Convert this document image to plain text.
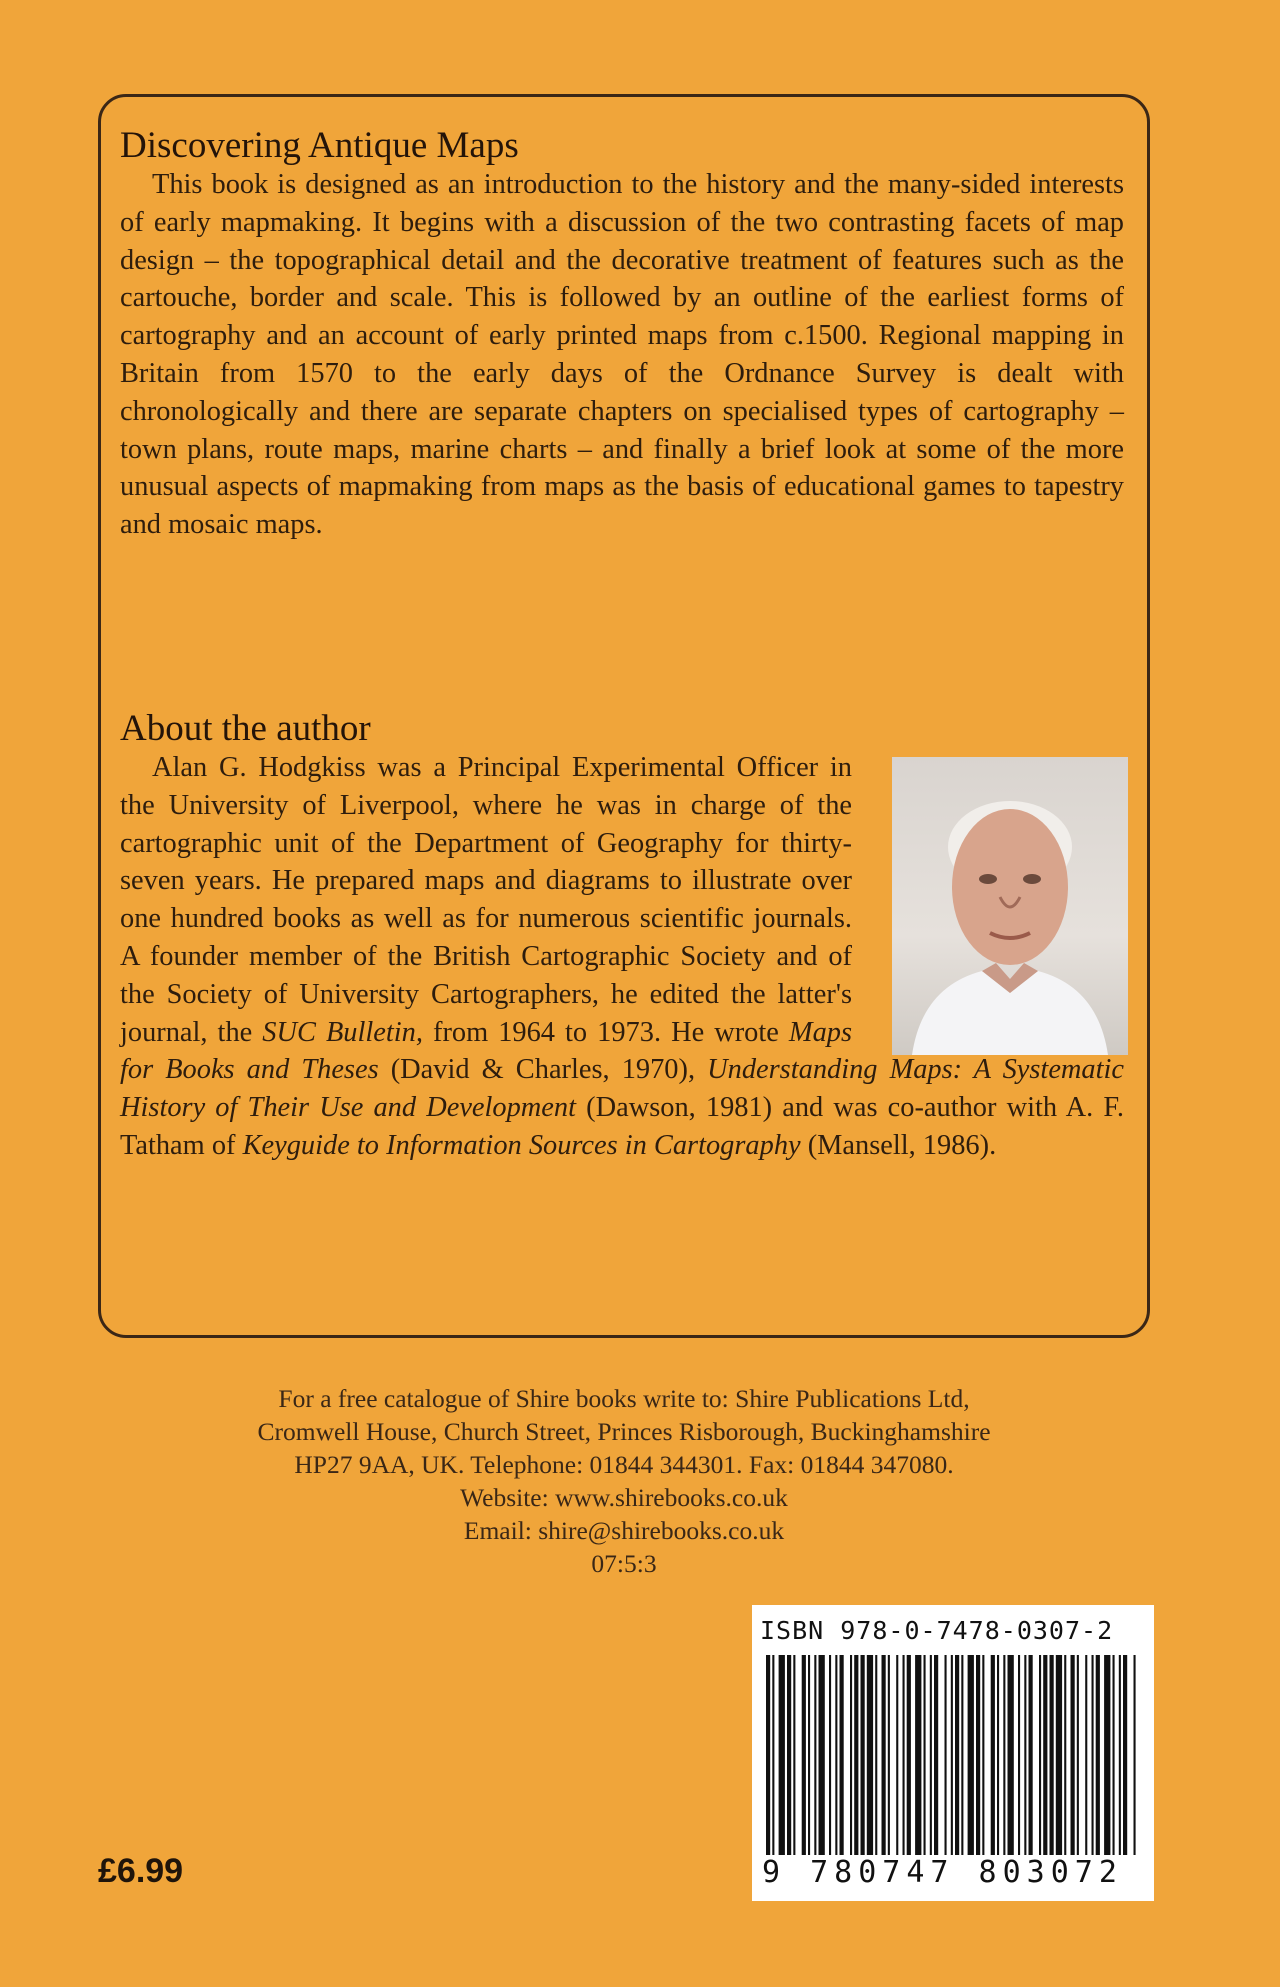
Discovering Antique Maps

This book is designed as an introduction to the history and the many-sided interests of early mapmaking. It begins with a discussion of the two contrasting facets of map design – the topographical detail and the decorative treatment of features such as the cartouche, border and scale. This is followed by an outline of the earliest forms of cartography and an account of early printed maps from c.1500. Regional mapping in Britain from 1570 to the early days of the Ordnance Survey is dealt with chronologically and there are separate chapters on specialised types of cartography – town plans, route maps, marine charts – and finally a brief look at some of the more unusual aspects of mapmaking from maps as the basis of educational games to tapestry and mosaic maps.

About the author

Alan G. Hodgkiss was a Principal Experimental Officer in the University of Liverpool, where he was in charge of the cartographic unit of the Department of Geography for thirty-seven years. He prepared maps and diagrams to illustrate over one hundred books as well as for numerous scientific journals. A founder member of the British Cartographic Society and of the Society of University Cartographers, he edited the latter's journal, the SUC Bulletin, from 1964 to 1973. He wrote Maps for Books and Theses (David & Charles, 1970), Understanding Maps: A Systematic History of Their Use and Development (Dawson, 1981) and was co-author with A. F. Tatham of Keyguide to Information Sources in Cartography (Mansell, 1986).

For a free catalogue of Shire books write to: Shire Publications Ltd,
Cromwell House, Church Street, Princes Risborough, Buckinghamshire
HP27 9AA, UK. Telephone: 01844 344301. Fax: 01844 347080.
Website: www.shirebooks.co.uk
Email: shire@shirebooks.co.uk
07:5:3
ISBN 978-0-7478-0307-2
9 780747 803072
£6.99
